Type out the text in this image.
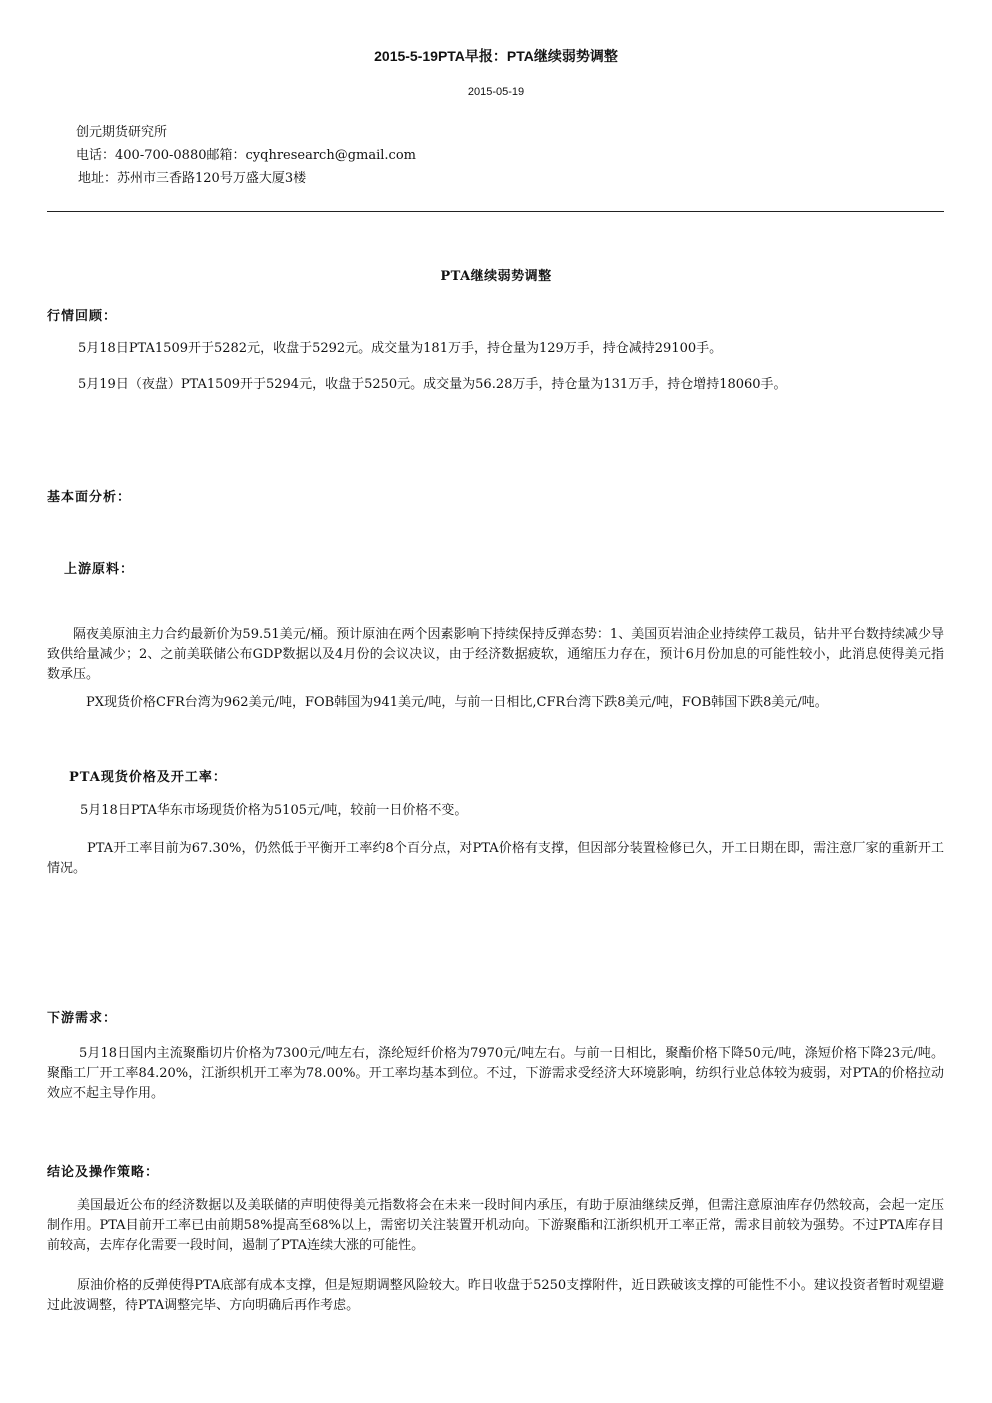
2015-5-19PTA早报：PTA继续弱势调整
2015-05-19
创元期货研究所
电话：400-700-0880邮箱：cyqhresearch@gmail.com
地址：苏州市三香路120号万盛大厦3楼
PTA继续弱势调整
行情回顾：
5月18日PTA1509开于5282元，收盘于5292元。成交量为181万手，持仓量为129万手，持仓减持29100手。
5月19日（夜盘）PTA1509开于5294元，收盘于5250元。成交量为56.28万手，持仓量为131万手，持仓增持18060手。
基本面分析：
上游原料：
隔夜美原油主力合约最新价为59.51美元/桶。预计原油在两个因素影响下持续保持反弹态势：1、美国页岩油企业持续停工裁员，钻井平台数持续减少导致供给量减少；2、之前美联储公布GDP数据以及4月份的会议决议，由于经济数据疲软，通缩压力存在，预计6月份加息的可能性较小，此消息使得美元指数承压。
PX现货价格CFR台湾为962美元/吨，FOB韩国为941美元/吨，与前一日相比,CFR台湾下跌8美元/吨，FOB韩国下跌8美元/吨。
PTA现货价格及开工率：
5月18日PTA华东市场现货价格为5105元/吨，较前一日价格不变。
PTA开工率目前为67.30%，仍然低于平衡开工率约8个百分点，对PTA价格有支撑，但因部分装置检修已久，开工日期在即，需注意厂家的重新开工情况。
下游需求：
5月18日国内主流聚酯切片价格为7300元/吨左右，涤纶短纤价格为7970元/吨左右。与前一日相比，聚酯价格下降50元/吨，涤短价格下降23元/吨。聚酯工厂开工率84.20%，江浙织机开工率为78.00%。开工率均基本到位。不过，下游需求受经济大环境影响，纺织行业总体较为疲弱，对PTA的价格拉动效应不起主导作用。
结论及操作策略：
美国最近公布的经济数据以及美联储的声明使得美元指数将会在未来一段时间内承压，有助于原油继续反弹，但需注意原油库存仍然较高，会起一定压制作用。PTA目前开工率已由前期58%提高至68%以上，需密切关注装置开机动向。下游聚酯和江浙织机开工率正常，需求目前较为强势。不过PTA库存目前较高，去库存化需要一段时间，遏制了PTA连续大涨的可能性。
原油价格的反弹使得PTA底部有成本支撑，但是短期调整风险较大。昨日收盘于5250支撑附件，近日跌破该支撑的可能性不小。建议投资者暂时观望避过此波调整，待PTA调整完毕、方向明确后再作考虑。
